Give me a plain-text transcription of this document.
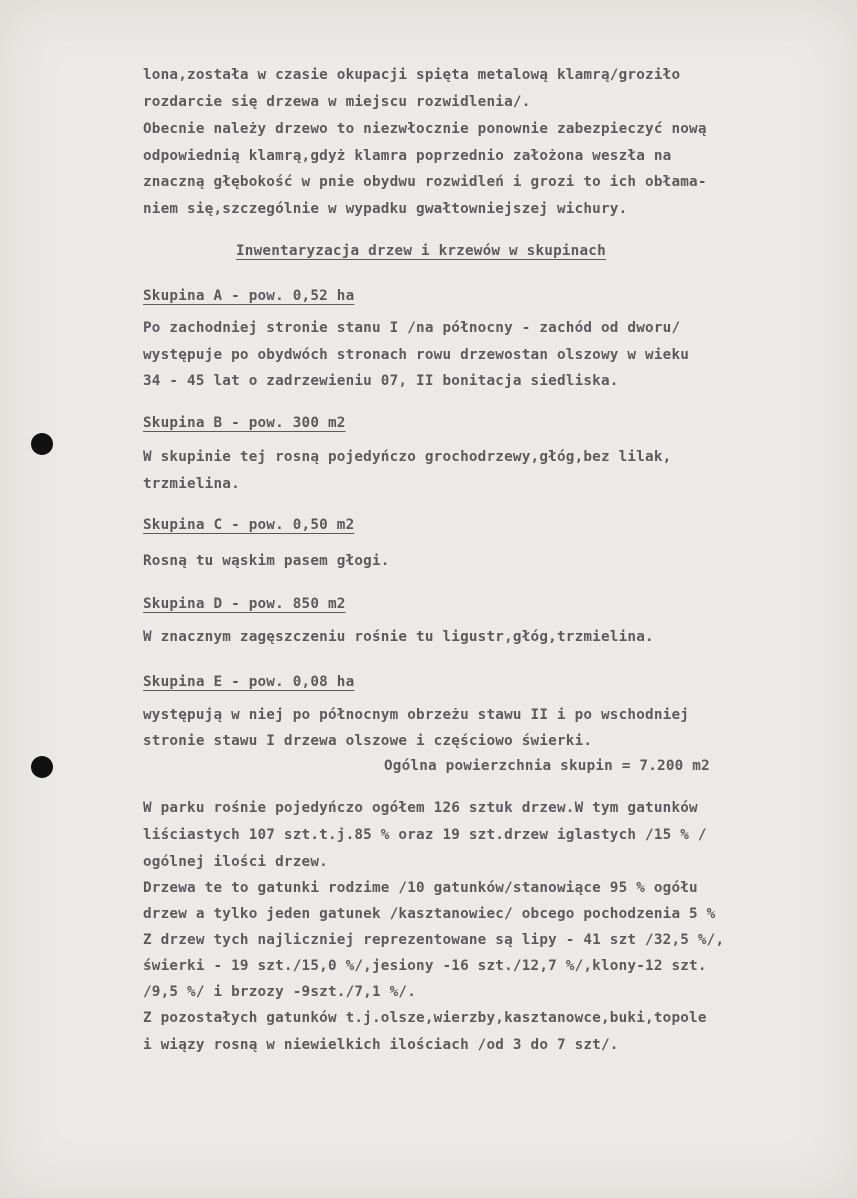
lona,została w czasie okupacji spięta metalową klamrą/groziło
rozdarcie się drzewa w miejscu rozwidlenia/.
Obecnie należy drzewo to niezwłocznie ponownie zabezpieczyć nową
odpowiednią klamrą,gdyż klamra poprzednio założona weszła na
znaczną głębokość w pnie obydwu rozwidleń i grozi to ich obłama-
niem się,szczególnie w wypadku gwałtowniejszej wichury.
Inwentaryzacja drzew i krzewów w skupinach
Skupina A - pow. 0,52 ha
Po zachodniej stronie stanu I /na północny - zachód od dworu/
występuje po obydwóch stronach rowu drzewostan olszowy w wieku
34 - 45 lat o zadrzewieniu 07, II bonitacja siedliska.
Skupina B - pow. 300 m2
W skupinie tej rosną pojedyńczo grochodrzewy,głóg,bez lilak,
trzmielina.
Skupina C - pow. 0,50 m2
Rosną tu wąskim pasem głogi.
Skupina D - pow. 850 m2
W znacznym zagęszczeniu rośnie tu ligustr,głóg,trzmielina.
Skupina E - pow. 0,08 ha
występują w niej po północnym obrzeżu stawu II i po wschodniej
stronie stawu I drzewa olszowe i częściowo świerki.
Ogólna powierzchnia skupin = 7.200 m2
W parku rośnie pojedyńczo ogółem 126 sztuk drzew.W tym gatunków
liściastych 107 szt.t.j.85 % oraz 19 szt.drzew iglastych /15 % /
ogólnej ilości drzew.
Drzewa te to gatunki rodzime /10 gatunków/stanowiące 95 % ogółu
drzew a tylko jeden gatunek /kasztanowiec/ obcego pochodzenia 5 %
Z drzew tych najliczniej reprezentowane są lipy - 41 szt /32,5 %/,
świerki - 19 szt./15,0 %/,jesiony -16 szt./12,7 %/,klony-12 szt.
/9,5 %/ i brzozy -9szt./7,1 %/.
Z pozostałych gatunków t.j.olsze,wierzby,kasztanowce,buki,topole
i wiązy rosną w niewielkich ilościach /od 3 do 7 szt/.
